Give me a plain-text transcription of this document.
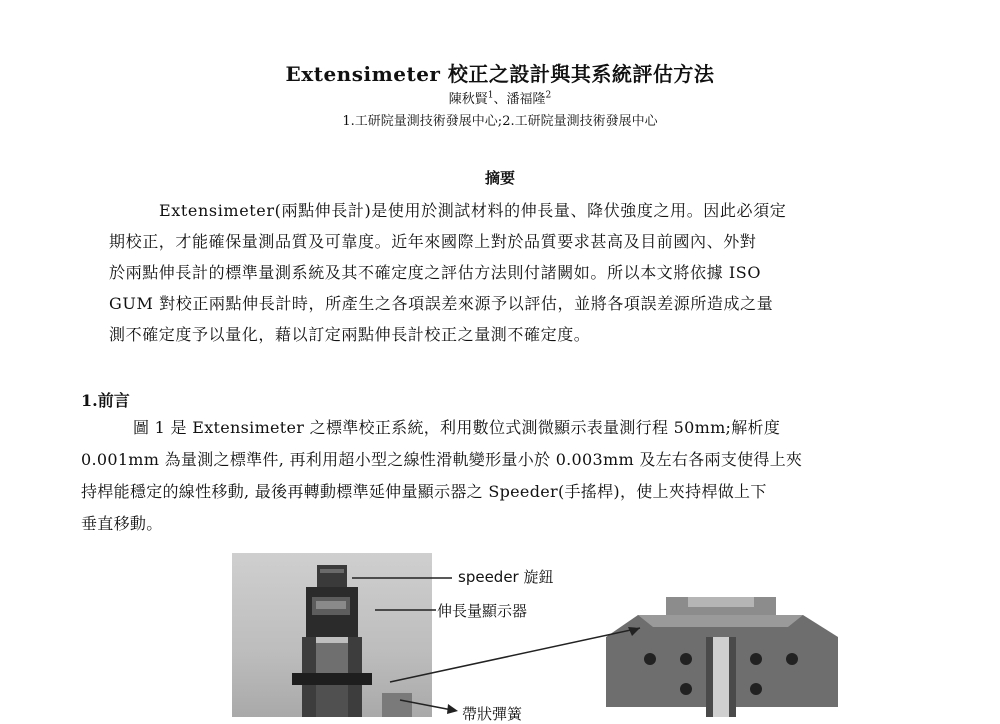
Extensimeter 校正之設計與其系統評估方法
陳秋賢$^1$、潘福隆$^2$
1.工研院量測技術發展中心;2.工研院量測技術發展中心
摘要
Extensimeter(兩點伸長計)是使用於測試材料的伸長量、降伏強度之用。因此必須定
期校正，才能確保量測品質及可靠度。近年來國際上對於品質要求甚高及目前國內、外對
於兩點伸長計的標準量測系統及其不確定度之評估方法則付諸闕如。所以本文將依據 ISO
GUM 對校正兩點伸長計時，所產生之各項誤差來源予以評估，並將各項誤差源所造成之量
測不確定度予以量化，藉以訂定兩點伸長計校正之量測不確定度。
1.前言
圖 1 是 Extensimeter 之標準校正系統，利用數位式測微顯示表量測行程 50mm;解析度
0.001mm 為量測之標準件, 再利用超小型之線性滑軌變形量小於 0.003mm 及左右各兩支使得上夾
持桿能穩定的線性移動, 最後再轉動標準延伸量顯示器之 Speeder(手搖桿)，使上夾持桿做上下
垂直移動。
speeder 旋鈕
伸長量顯示器
帶狀彈簧
